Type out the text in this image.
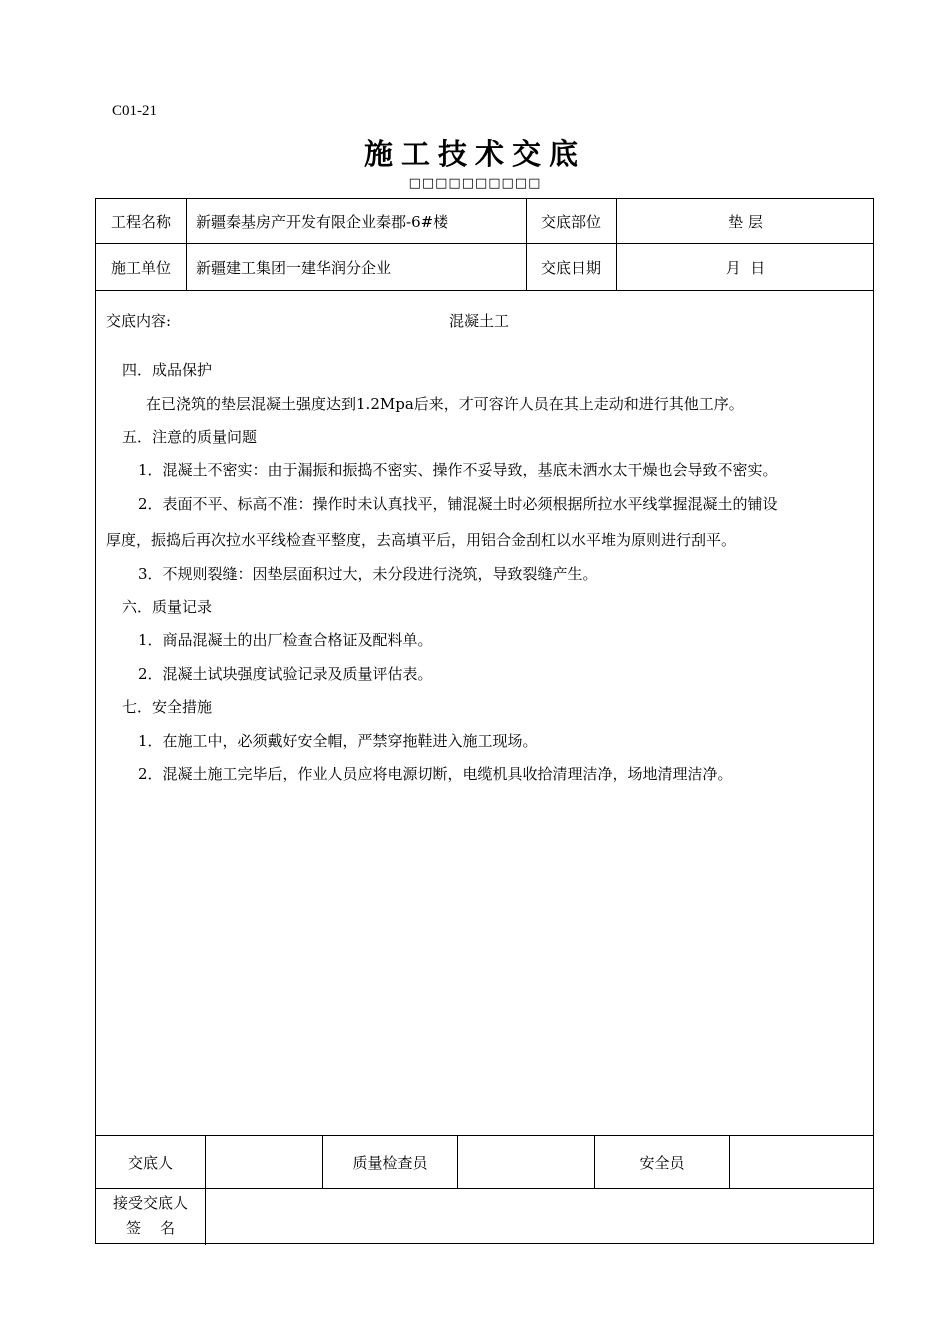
C01-21
施工技术交底
□□□□□□□□□□
工程名称	新疆秦基房产开发有限企业秦郡-6#楼	交底部位	垫 层
施工单位	新疆建工集团一建华润分企业	交底日期	月  日
交底内容:	混凝土工
四．成品保护
在已浇筑的垫层混凝土强度达到1.2Mpa后来，才可容许人员在其上走动和进行其他工序。
五．注意的质量问题
1．混凝土不密实：由于漏振和振捣不密实、操作不妥导致，基底未洒水太干燥也会导致不密实。
2．表面不平、标高不准：操作时未认真找平，铺混凝土时必须根据所拉水平线掌握混凝土的铺设
厚度，振捣后再次拉水平线检查平整度，去高填平后，用铝合金刮杠以水平堆为原则进行刮平。
3．不规则裂缝：因垫层面积过大，未分段进行浇筑，导致裂缝产生。
六．质量记录
1．商品混凝土的出厂检查合格证及配料单。
2．混凝土试块强度试验记录及质量评估表。
七．安全措施
1．在施工中，必须戴好安全帽，严禁穿拖鞋进入施工现场。
2．混凝土施工完毕后，作业人员应将电源切断，电缆机具收拾清理洁净，场地清理洁净。
交底人	质量检查员	安全员
接受交底人
签    名
